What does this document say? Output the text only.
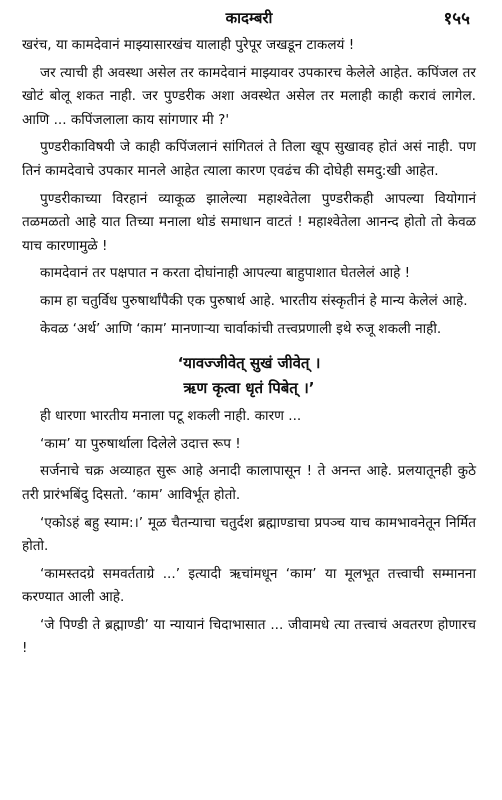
कादम्बरी	१५५

खरंच, या कामदेवानं माझ्यासारखंच यालाही पुरेपूर जखडून टाकलयं !

जर त्याची ही अवस्था असेल तर कामदेवानं माझ्यावर उपकारच केलेले आहेत. कपिंजल तर खोटं बोलू शकत नाही. जर पुण्डरीक अशा अवस्थेत असेल तर मलाही काही करावं लागेल. आणि ... कपिंजलाला काय सांगणार मी ?'

पुण्डरीकाविषयी जे काही कपिंजलानं सांगितलं ते तिला खूप सुखावह होतं असं नाही. पण तिनं कामदेवाचे उपकार मानले आहेत त्याला कारण एवढंच की दोघेही समदु:खी आहेत.

पुण्डरीकाच्या विरहानं व्याकूळ झालेल्या महाश्वेतेला पुण्डरीकही आपल्या वियोगानं तळमळतो आहे यात तिच्या मनाला थोडं समाधान वाटतं ! महाश्वेतेला आनन्द होतो तो केवळ याच कारणामुळे !

कामदेवानं तर पक्षपात न करता दोघांनाही आपल्या बाहुपाशात घेतलेलं आहे !

काम हा चतुर्विध पुरुषार्थांपैकी एक पुरुषार्थ आहे. भारतीय संस्कृतीनं हे मान्य केलेलं आहे.

केवळ ‘अर्थ’ आणि ‘काम’ मानणाऱ्या चार्वाकांची तत्त्वप्रणाली इथे रुजू शकली नाही.

‘यावज्जीवेत् सुखं जीवेत् ।
ऋण कृत्वा धृतं पिबेत् ।’

ही धारणा भारतीय मनाला पटू शकली नाही. कारण ...

‘काम’ या पुरुषार्थाला दिलेले उदात्त रूप !

सर्जनाचे चक्र अव्याहत सुरू आहे अनादी कालापासून ! ते अनन्त आहे. प्रलयातूनही कुठे तरी प्रारंभबिंदु दिसतो. ‘काम’ आविर्भूत होतो.

‘एकोऽहं बहु स्याम:।’ मूळ चैतन्याचा चतुर्दश ब्रह्माण्डाचा प्रपञ्च याच कामभावनेतून निर्मित होतो.

‘कामस्तदग्रे समवर्तताग्रे ...’ इत्यादी ऋचांमधून ‘काम’ या मूलभूत तत्त्वाची सम्मानना करण्यात आली आहे.

‘जे पिण्डी ते ब्रह्माण्डी’ या न्यायानं चिदाभासात ... जीवामधे त्या तत्त्वाचं अवतरण होणारच !
